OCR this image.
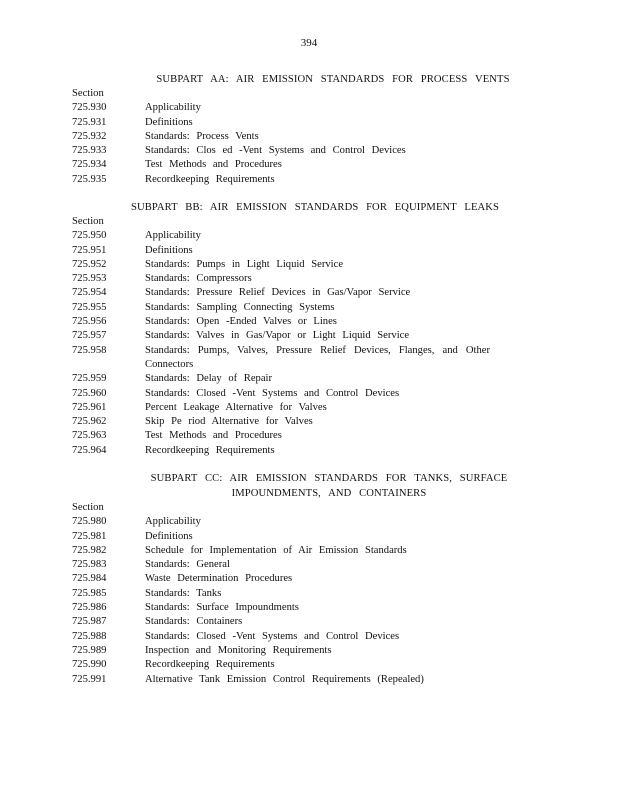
394
SUBPART AA: AIR EMISSION STANDARDS FOR PROCESS VENTS
Section
725.930	Applicability
725.931	Definitions
725.932	Standards: Process Vents
725.933	Standards: Clos ed -Vent Systems and Control Devices
725.934	Test Methods and Procedures
725.935	Recordkeeping Requirements
SUBPART BB: AIR EMISSION STANDARDS FOR EQUIPMENT LEAKS
Section
725.950	Applicability
725.951	Definitions
725.952	Standards: Pumps in Light Liquid Service
725.953	Standards: Compressors
725.954	Standards: Pressure Relief Devices in Gas/Vapor Service
725.955	Standards: Sampling Connecting Systems
725.956	Standards: Open -Ended Valves or Lines
725.957	Standards: Valves in Gas/Vapor or Light Liquid Service
725.958	Standards: Pumps, Valves, Pressure Relief Devices, Flanges, and Other Connectors
725.959	Standards: Delay of Repair
725.960	Standards: Closed -Vent Systems and Control Devices
725.961	Percent Leakage Alternative for Valves
725.962	Skip Pe riod Alternative for Valves
725.963	Test Methods and Procedures
725.964	Recordkeeping Requirements
SUBPART CC: AIR EMISSION STANDARDS FOR TANKS, SURFACE
IMPOUNDMENTS, AND CONTAINERS
Section
725.980	Applicability
725.981	Definitions
725.982	Schedule for Implementation of Air Emission Standards
725.983	Standards: General
725.984	Waste Determination Procedures
725.985	Standards: Tanks
725.986	Standards: Surface Impoundments
725.987	Standards: Containers
725.988	Standards: Closed -Vent Systems and Control Devices
725.989	Inspection and Monitoring Requirements
725.990	Recordkeeping Requirements
725.991	Alternative Tank Emission Control Requirements (Repealed)
